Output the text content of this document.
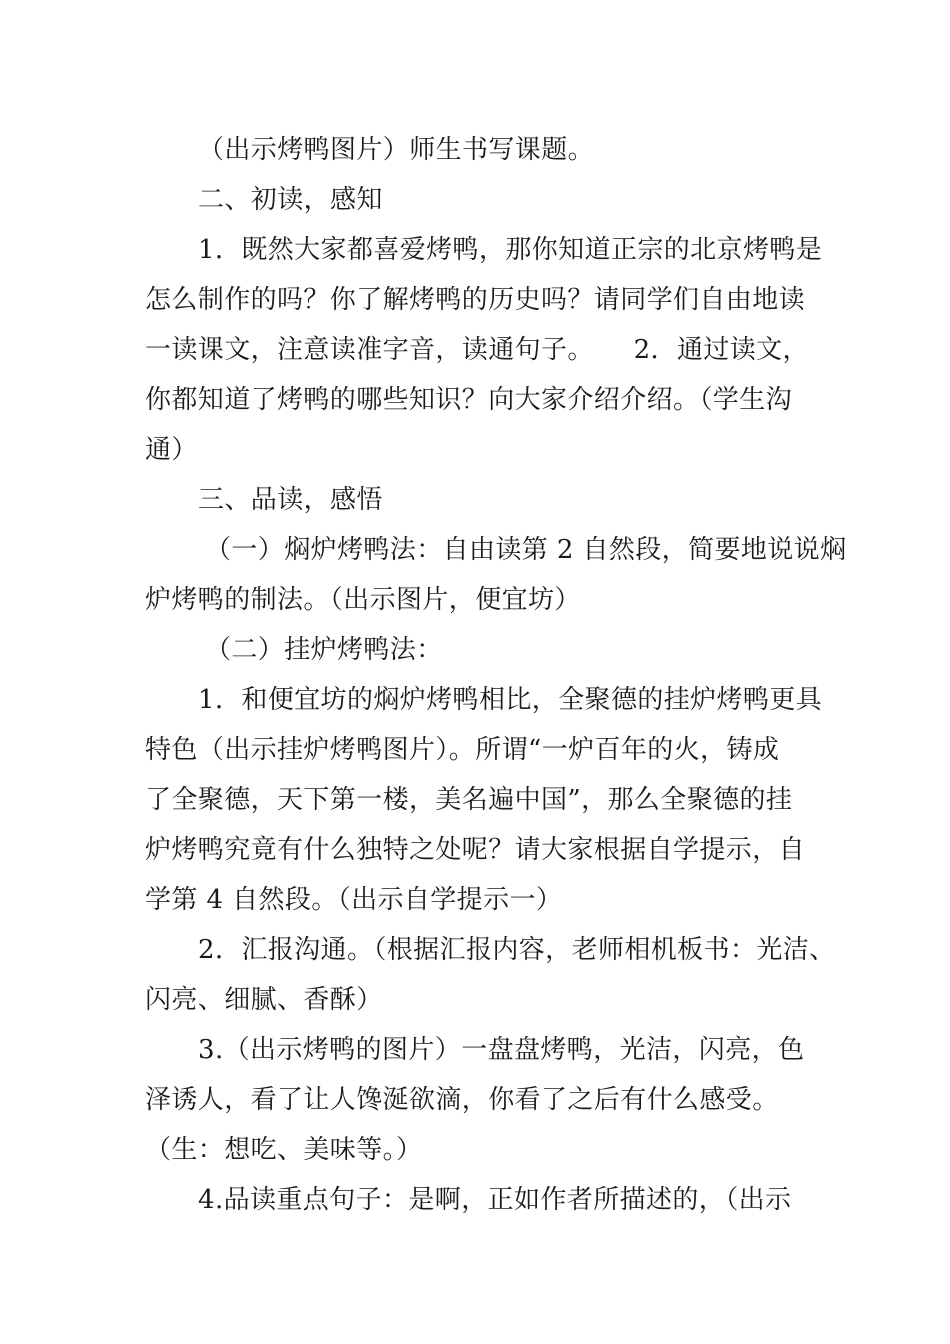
（出示烤鸭图片）师生书写课题。
二、初读，感知
1．既然大家都喜爱烤鸭，那你知道正宗的北京烤鸭是
怎么制作的吗？你了解烤鸭的历史吗？请同学们自由地读
一读课文，注意读准字音，读通句子。　　2．通过读文，
你都知道了烤鸭的哪些知识？向大家介绍介绍。（学生沟
通）
三、品读，感悟
（一）焖炉烤鸭法：自由读第 2 自然段，简要地说说焖
炉烤鸭的制法。（出示图片，便宜坊）
（二）挂炉烤鸭法：
1．和便宜坊的焖炉烤鸭相比，全聚德的挂炉烤鸭更具
特色（出示挂炉烤鸭图片）。所谓“一炉百年的火，铸成
了全聚德，天下第一楼，美名遍中国”，那么全聚德的挂
炉烤鸭究竟有什么独特之处呢？请大家根据自学提示，自
学第 4 自然段。（出示自学提示一）
2．汇报沟通。（根据汇报内容，老师相机板书：光洁、
闪亮、细腻、香酥）
3.（出示烤鸭的图片）一盘盘烤鸭，光洁，闪亮，色
泽诱人，看了让人馋涎欲滴，你看了之后有什么感受。
（生：想吃、美味等。）
4.品读重点句子：是啊，正如作者所描述的，（出示
